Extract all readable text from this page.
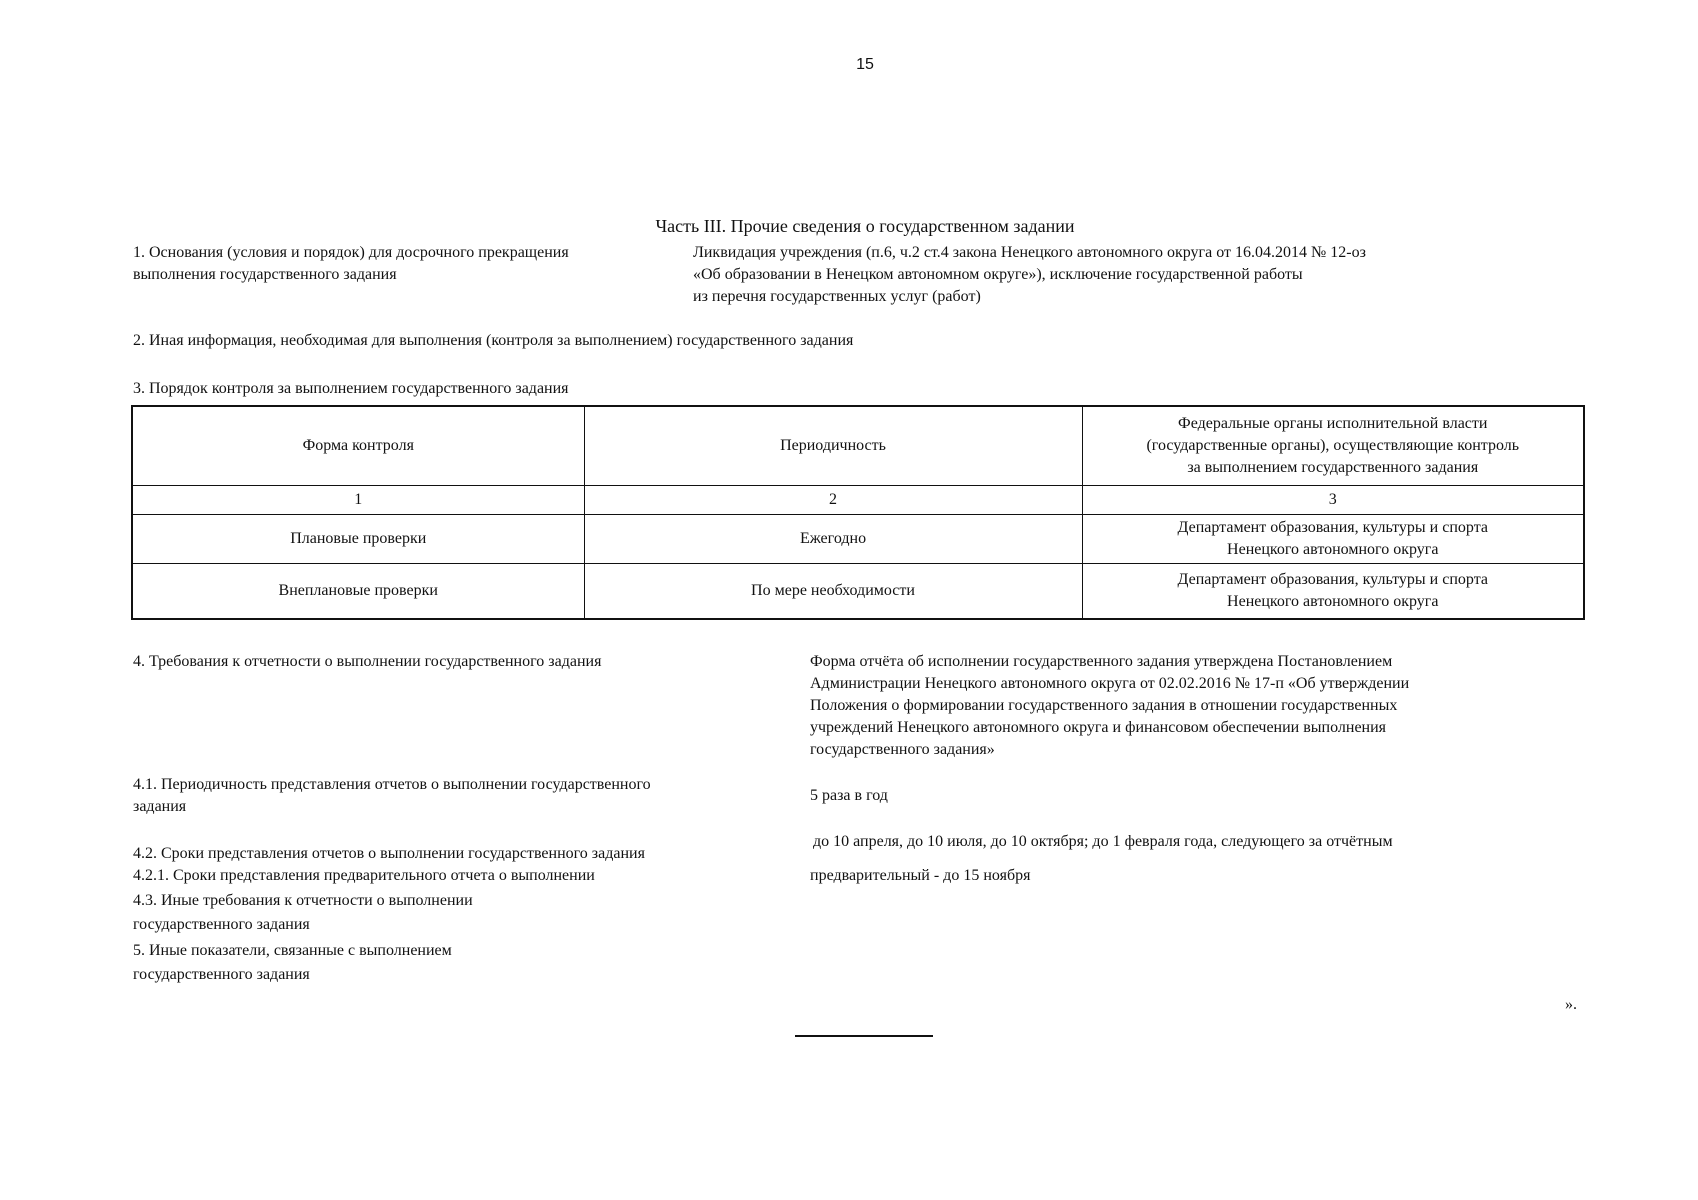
15
Часть III. Прочие сведения о государственном задании
1. Основания (условия и порядок) для досрочного прекращения
выполнения государственного задания
Ликвидация учреждения (п.6, ч.2 ст.4 закона Ненецкого автономного округа от 16.04.2014 № 12-оз
«Об образовании в Ненецком автономном округе»), исключение государственной работы
из перечня государственных услуг (работ)
2. Иная информация, необходимая для выполнения (контроля за выполнением) государственного задания
3. Порядок контроля за выполнением государственного задания
Форма контроля	Периодичность	Федеральные органы исполнительной власти
(государственные органы), осуществляющие контроль
за выполнением государственного задания

1	2	3
Плановые проверки	Ежегодно	Департамент образования, культуры и спорта
Ненецкого автономного округа

Внеплановые проверки	По мере необходимости	Департамент образования, культуры и спорта
Ненецкого автономного округа
4. Требования к отчетности о выполнении государственного задания	Форма отчёта об исполнении государственного задания утверждена Постановлением
Администрации Ненецкого автономного округа от 02.02.2016 № 17-п «Об утверждении
Положения о формировании государственного задания в отношении государственных
учреждений Ненецкого автономного округа и финансовом обеспечении выполнения
государственного задания»
4.1. Периодичность представления отчетов о выполнении государственного
задания
5 раза в год
4.2. Сроки представления отчетов о выполнении государственного задания
до 10 апреля, до 10 июля, до 10 октября; до 1 февраля года, следующего за отчётным
4.2.1. Сроки представления предварительного отчета о выполнении	предварительный - до 15 ноября
4.3. Иные требования к отчетности о выполнении
государственного задания
5. Иные показатели, связанные с выполнением
государственного задания
».
